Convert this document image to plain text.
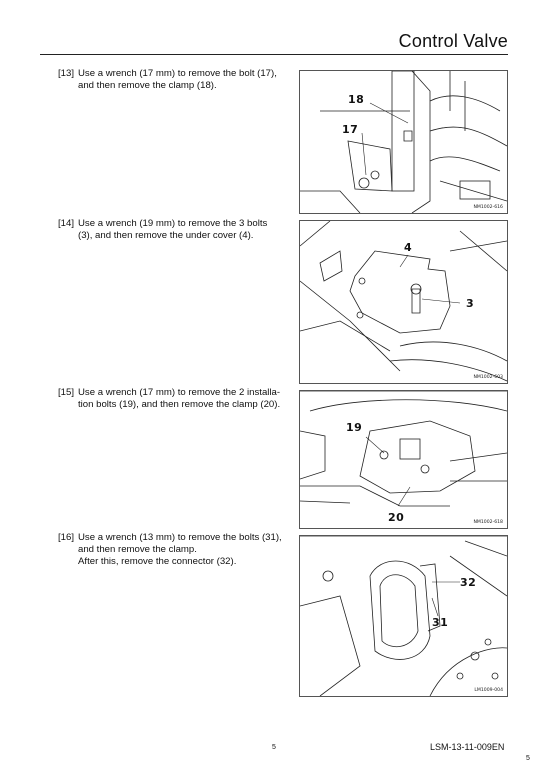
Control Valve
[13] Use a wrench (17 mm) to remove the bolt (17),
and then remove the clamp (18).
18
17
NM1002-616
[14] Use a wrench (19 mm) to remove the 3 bolts
(3), and then remove the under cover (4).
4
3
NM1002-603
[15] Use a wrench (17 mm) to remove the 2 installa-
tion bolts (19), and then remove the clamp (20).
19
20	NM1002-618
[16] Use a wrench (13 mm) to remove the bolts (31),
and then remove the clamp.
After this, remove the connector (32).
32
31
LM1009-004
5	LSM-13-11-009EN
5
